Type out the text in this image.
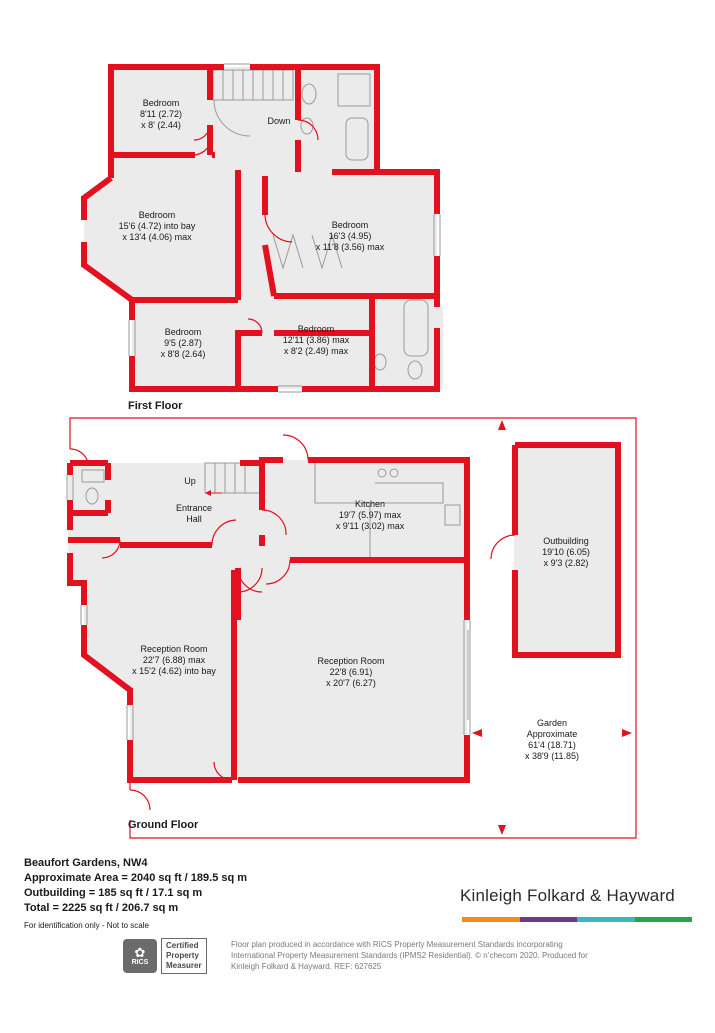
Bedroom 8'11 (2.72) x 8' (2.44)	Down
Bedroom 15'6 (4.72) into bay x 13'4 (4.06) max
Bedroom 16'3 (4.95) x 11'8 (3.56) max
Bedroom 9'5 (2.87) x 8'8 (2.64)
Bedroom 12'11 (3.86) max x 8'2 (2.49) max
First Floor
Up
Entrance Hall
Kitchen 19'7 (5.97) max x 9'11 (3.02) max
Outbuilding 19'10 (6.05) x 9'3 (2.82)
Reception Room 22'7 (6.88) max x 15'2 (4.62) into bay
Reception Room 22'8 (6.91) x 20'7 (6.27)
Garden Approximate 61'4 (18.71) x 38'9 (11.85)
Ground Floor
Beaufort Gardens, NW4
Approximate Area = 2040 sq ft / 189.5 sq m
Outbuilding = 185 sq ft / 17.1 sq m
Total = 2225 sq ft / 206.7 sq m
For identification only - Not to scale
Kinleigh Folkard & Hayward
✿
RICS
Certified
Property
Measurer
Floor plan produced in accordance with RICS Property Measurement Standards incorporating International Property Measurement Standards (IPMS2 Residential). © n’checom 2020. Produced for Kinleigh Folkard & Hayward. REF: 627625
